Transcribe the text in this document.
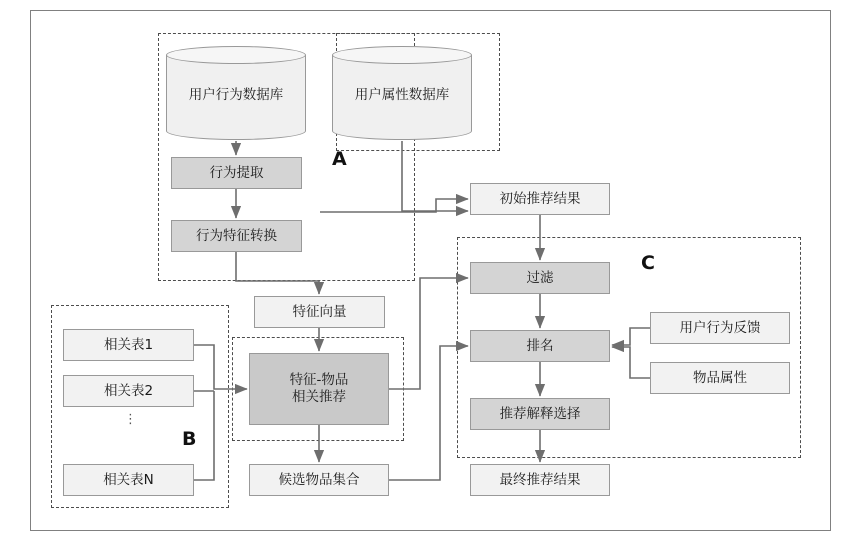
A
B
C
用户行为数据库	用户属性数据库
行为提取
行为特征转换
特征向量
相关表1
相关表2
⋮
相关表N
特征-物品
相关推荐
候选物品集合
初始推荐结果
过滤
排名
推荐解释选择
最终推荐结果
用户行为反馈
物品属性
